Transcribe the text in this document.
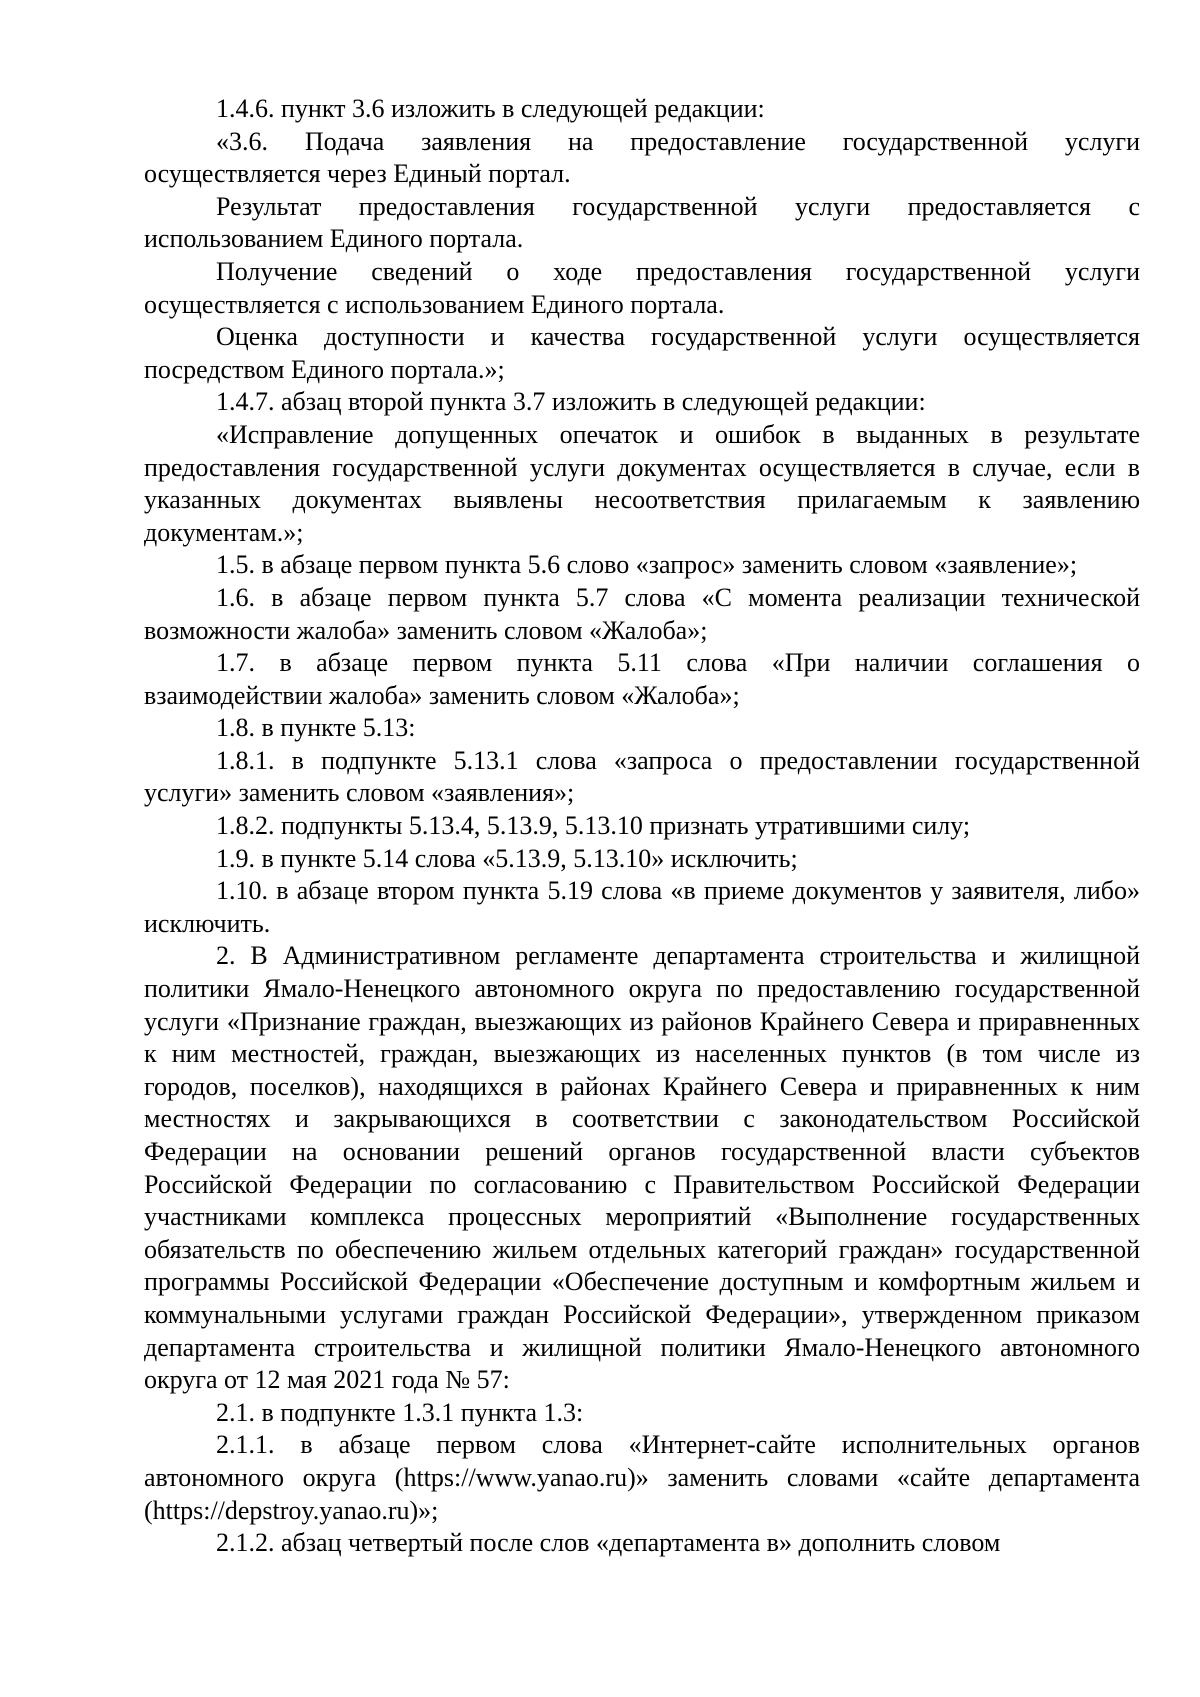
1.4.6. пункт 3.6 изложить в следующей редакции:

«3.6. Подача заявления на предоставление государственной услуги осуществляется через Единый портал.

Результат предоставления государственной услуги предоставляется с использованием Единого портала.

Получение сведений о ходе предоставления государственной услуги осуществляется с использованием Единого портала.

Оценка доступности и качества государственной услуги осуществляется посредством Единого портала.»;

1.4.7. абзац второй пункта 3.7 изложить в следующей редакции:

«Исправление допущенных опечаток и ошибок в выданных в результате предоставления государственной услуги документах осуществляется в случае, если в указанных документах выявлены несоответствия прилагаемым к заявлению документам.»;

1.5. в абзаце первом пункта 5.6 слово «запрос» заменить словом «заявление»;

1.6. в абзаце первом пункта 5.7 слова «С момента реализации технической возможности жалоба» заменить словом «Жалоба»;

1.7. в абзаце первом пункта 5.11 слова «При наличии соглашения о взаимодействии жалоба» заменить словом «Жалоба»;

1.8. в пункте 5.13:

1.8.1. в подпункте 5.13.1 слова «запроса о предоставлении государственной услуги» заменить словом «заявления»;

1.8.2. подпункты 5.13.4, 5.13.9, 5.13.10 признать утратившими силу;

1.9. в пункте 5.14 слова «5.13.9, 5.13.10» исключить;

1.10. в абзаце втором пункта 5.19 слова «в приеме документов у заявителя, либо» исключить.

2. В Административном регламенте департамента строительства и жилищной политики Ямало-Ненецкого автономного округа по предоставлению государственной услуги «Признание граждан, выезжающих из районов Крайнего Севера и приравненных к ним местностей, граждан, выезжающих из населенных пунктов (в том числе из городов, поселков), находящихся в районах Крайнего Севера и приравненных к ним местностях и закрывающихся в соответствии с законодательством Российской Федерации на основании решений органов государственной власти субъектов Российской Федерации по согласованию с Правительством Российской Федерации участниками комплекса процессных мероприятий «Выполнение государственных обязательств по обеспечению жильем отдельных категорий граждан» государственной программы Российской Федерации «Обеспечение доступным и комфортным жильем и коммунальными услугами граждан Российской Федерации», утвержденном приказом департамента строительства и жилищной политики Ямало-Ненецкого автономного округа от 12 мая 2021 года № 57:

2.1. в подпункте 1.3.1 пункта 1.3:

2.1.1. в абзаце первом слова «Интернет-сайте исполнительных органов автономного округа (https://www.yanao.ru)» заменить словами «сайте департамента (https://depstroy.yanao.ru)»;

2.1.2. абзац четвертый после слов «департамента в» дополнить словом
